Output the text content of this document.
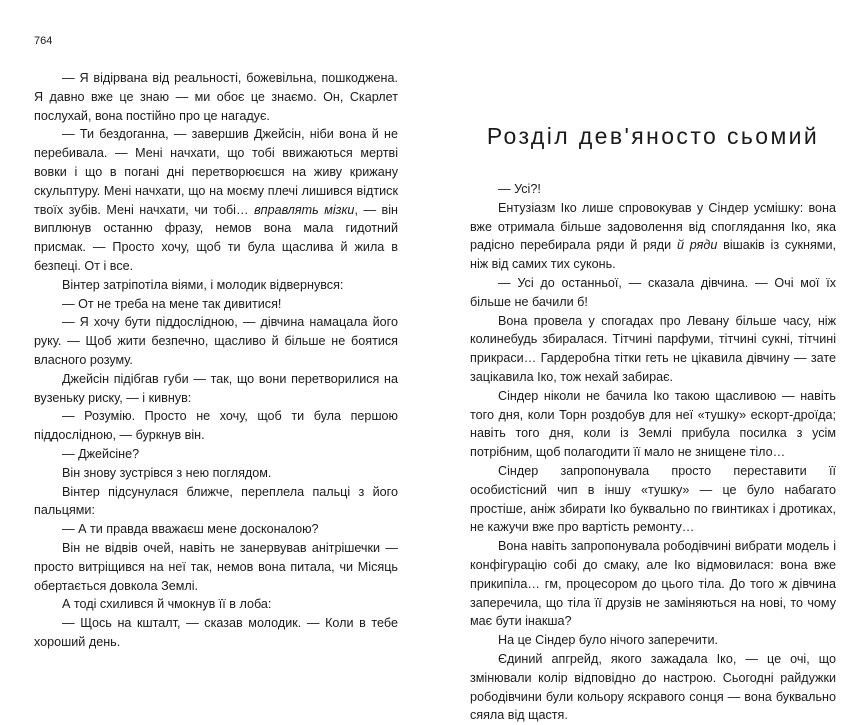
764

— Я відірвана від реальності, божевільна, пошкоджена. Я давно вже це знаю — ми обоє це знаємо. Он, Скарлет послухай, вона постійно про це нагадує.

— Ти бездоганна, — завершив Джейсін, ніби вона й не перебивала. — Мені начхати, що тобі ввижаються мертві вовки і що в погані дні перетворюєшся на живу крижану скульптуру. Мені начхати, що на моєму плечі лишився відтиск твоїх зубів. Мені начхати, чи тобі… вправлять мізки, — він виплюнув останню фразу, немов вона мала гидотний присмак. — Просто хочу, щоб ти була щаслива й жила в безпеці. От і все.

Вінтер затріпотіла віями, і молодик відвернувся:

— От не треба на мене так дивитися!

— Я хочу бути піддослідною, — дівчина намацала його руку. — Щоб жити безпечно, щасливо й більше не боятися власного розуму.

Джейсін підібгав губи — так, що вони перетворилися на вузенькy риску, — і кивнув:

— Розумію. Просто не хочу, щоб ти була першою піддослідною, — буркнув він.

— Джейсіне?

Він знову зустрівся з нею поглядом.

Вінтер підсунулася ближче, переплела пальці з його пальцями:

— А ти правда вважаєш мене досконалою?

Він не відвів очей, навіть не занервував анітрішечки — просто витріщився на неї так, немов вона питала, чи Місяць обертається довкола Землі.

А тоді схилився й чмокнув її в лоба:

— Щось на кшталт, — сказав молодик. — Коли в тебе хороший день.

Розділ дев'яносто сьомий

— Усі?!

Ентузіазм Іко лише спровокував у Сіндер усмішку: вона вже отримала більше задоволення від споглядання Іко, яка радісно перебирала ряди й ряди й ряди вішаків із сукнями, ніж від самих тих суконь.

— Усі до останньої, — сказала дівчина. — Очі мої їх більше не бачили б!

Вона провела у спогадах про Левану більше часу, ніж колинебудь збиралася. Тітчині парфуми, тітчині сукні, тітчині прикраси… Гардеробна тітки геть не цікавила дівчину — зате зацікавила Іко, тож нехай забирає.

Сіндер ніколи не бачила Іко такою щасливою — навіть того дня, коли Торн роздобув для неї «тушку» ескорт-дроїда; навіть того дня, коли із Землі прибула посилка з усім потрібним, щоб полагодити її мало не знищене тіло…

Сіндер запропонувала просто переставити її особистісний чип в іншу «тушку» — це було набагато простіше, аніж збирати Іко буквально по гвинтиках і дротиках, не кажучи вже про вартість ремонту…

Вона навіть запропонувала рободівчині вибрати модель і конфігурацію собі до смаку, але Іко відмовилася: вона вже прикипіла… гм, процесором до цього тіла. До того ж дівчина заперечила, що тіла її друзів не заміняються на нові, то чому має бути інакша?

На це Сіндер було нічого заперечити.

Єдиний апгрейд, якого зажадала Іко, — це очі, що змінювали колір відповідно до настрою. Сьогодні райдужки рободівчини були кольору яскравого сонця — вона буквально сяяла від щастя.
